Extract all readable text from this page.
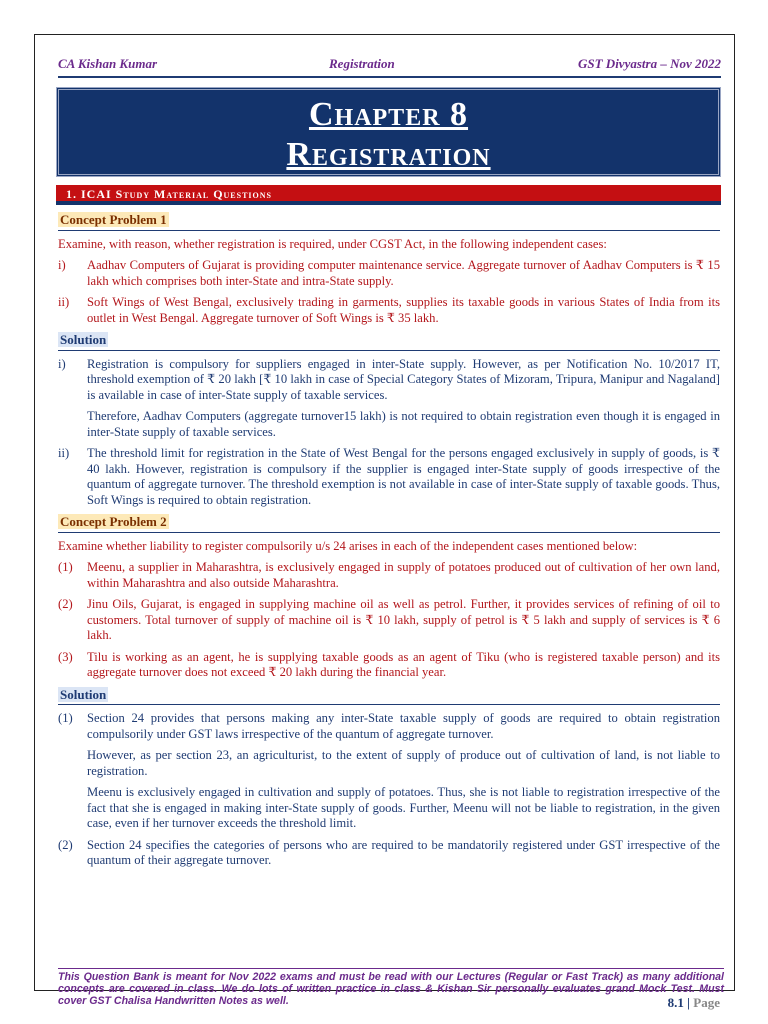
CA Kishan Kumar	Registration	GST Divyastra – Nov 2022
Chapter 8
Registration
1. ICAI Study Material Questions
Concept Problem 1
Examine, with reason, whether registration is required, under CGST Act, in the following independent cases:
i)	Aadhav Computers of Gujarat is providing computer maintenance service. Aggregate turnover of Aadhav Computers is ₹ 15 lakh which comprises both inter-State and intra-State supply.
ii)	Soft Wings of West Bengal, exclusively trading in garments, supplies its taxable goods in various States of India from its outlet in West Bengal. Aggregate turnover of Soft Wings is ₹ 35 lakh.
Solution
i)	Registration is compulsory for suppliers engaged in inter-State supply. However, as per Notification No. 10/2017 IT, threshold exemption of ₹ 20 lakh [₹ 10 lakh in case of Special Category States of Mizoram, Tripura, Manipur and Nagaland] is available in case of inter-State supply of taxable services.
Therefore, Aadhav Computers (aggregate turnover15 lakh) is not required to obtain registration even though it is engaged in inter-State supply of taxable services.
ii)	The threshold limit for registration in the State of West Bengal for the persons engaged exclusively in supply of goods, is ₹ 40 lakh. However, registration is compulsory if the supplier is engaged inter-State supply of goods irrespective of the quantum of aggregate turnover. The threshold exemption is not available in case of inter-State supply of taxable goods. Thus, Soft Wings is required to obtain registration.
Concept Problem 2
Examine whether liability to register compulsorily u/s 24 arises in each of the independent cases mentioned below:
(1)	Meenu, a supplier in Maharashtra, is exclusively engaged in supply of potatoes produced out of cultivation of her own land, within Maharashtra and also outside Maharashtra.
(2)	Jinu Oils, Gujarat, is engaged in supplying machine oil as well as petrol. Further, it provides services of refining of oil to customers. Total turnover of supply of machine oil is ₹ 10 lakh, supply of petrol is ₹ 5 lakh and supply of services is ₹ 6 lakh.
(3)	Tilu is working as an agent, he is supplying taxable goods as an agent of Tiku (who is registered taxable person) and its aggregate turnover does not exceed ₹ 20 lakh during the financial year.
Solution
(1)	Section 24 provides that persons making any inter-State taxable supply of goods are required to obtain registration compulsorily under GST laws irrespective of the quantum of aggregate turnover.
However, as per section 23, an agriculturist, to the extent of supply of produce out of cultivation of land, is not liable to registration.
Meenu is exclusively engaged in cultivation and supply of potatoes. Thus, she is not liable to registration irrespective of the fact that she is engaged in making inter-State supply of goods. Further, Meenu will not be liable to registration, in the given case, even if her turnover exceeds the threshold limit.
(2)	Section 24 specifies the categories of persons who are required to be mandatorily registered under GST irrespective of the quantum of their aggregate turnover.
This Question Bank is meant for Nov 2022 exams and must be read with our Lectures (Regular or Fast Track) as many additional concepts are covered in class. We do lots of written practice in class & Kishan Sir personally evaluates grand Mock Test. Must cover GST Chalisa Handwritten Notes as well.	8.1 | Page
